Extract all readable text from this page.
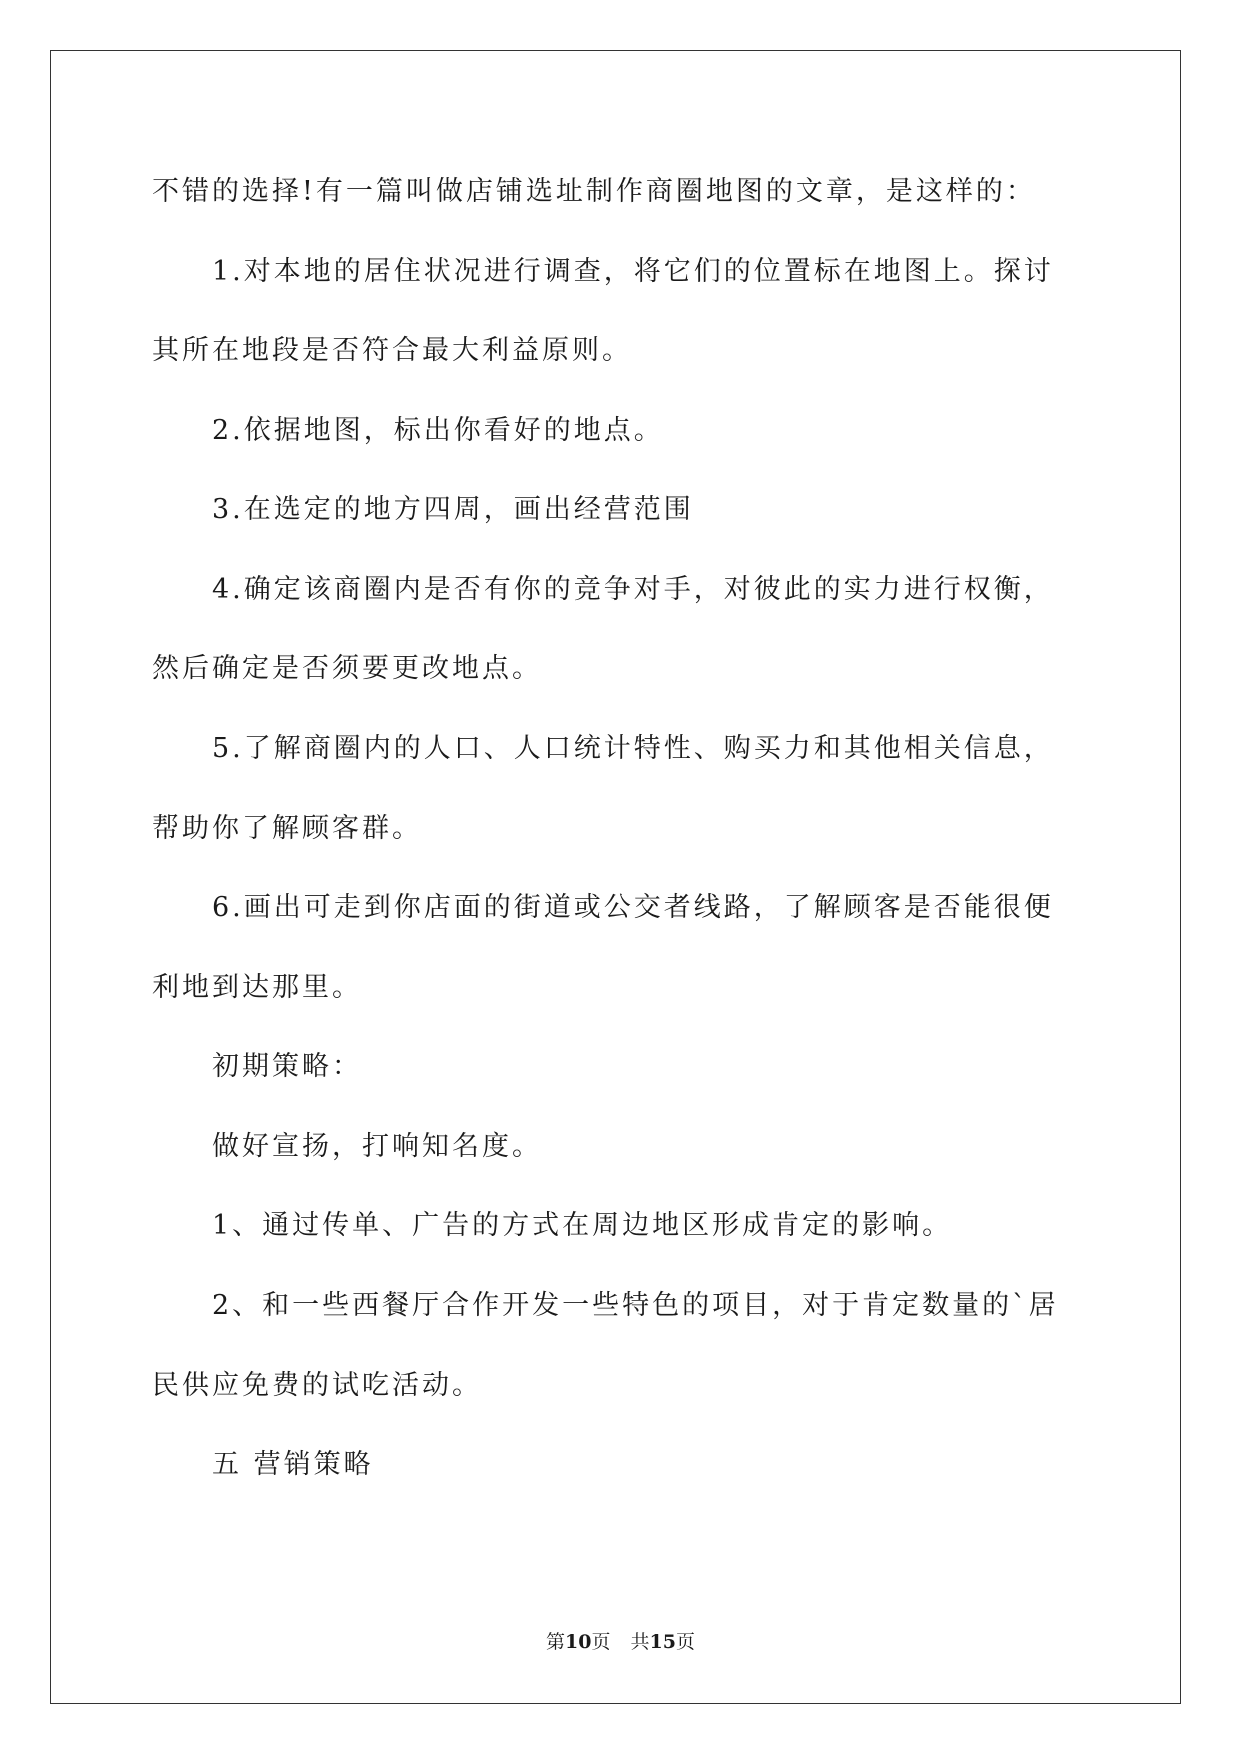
不错的选择!有一篇叫做店铺选址制作商圈地图的文章，是这样的：
1.对本地的居住状况进行调查，将它们的位置标在地图上。探讨
其所在地段是否符合最大利益原则。
2.依据地图，标出你看好的地点。
3.在选定的地方四周，画出经营范围
4.确定该商圈内是否有你的竞争对手，对彼此的实力进行权衡，
然后确定是否须要更改地点。
5.了解商圈内的人口、人口统计特性、购买力和其他相关信息，
帮助你了解顾客群。
6.画出可走到你店面的街道或公交者线路，了解顾客是否能很便
利地到达那里。
初期策略：
做好宣扬，打响知名度。
1、通过传单、广告的方式在周边地区形成肯定的影响。
2、和一些西餐厅合作开发一些特色的项目，对于肯定数量的`居
民供应免费的试吃活动。
五 营销策略
第10页 共15页
